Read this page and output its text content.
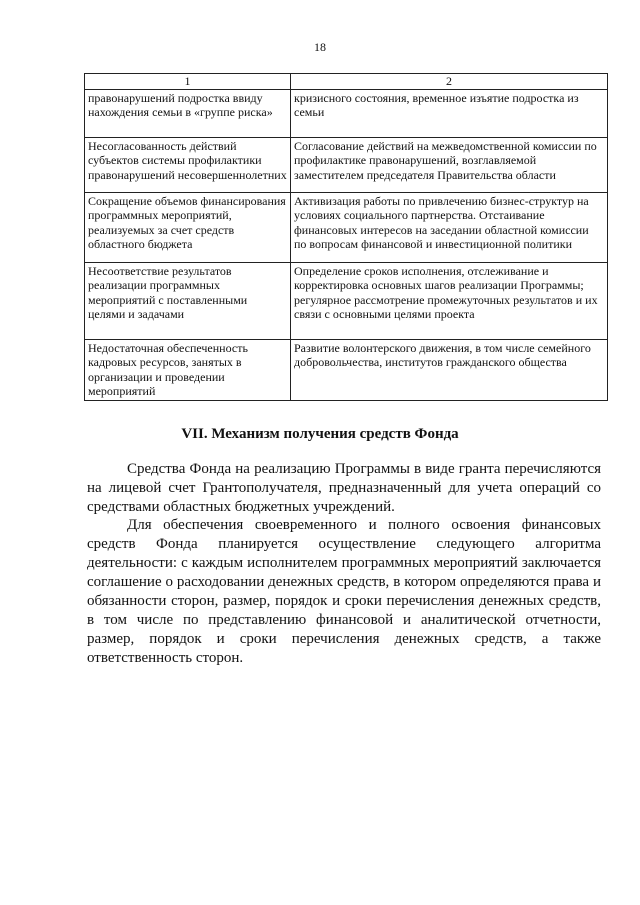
18
1	2
правонарушений подростка ввиду нахождения семьи в «группе риска»	кризисного состояния, временное изъятие подростка из семьи
Несогласованность действий субъектов системы профилактики правонарушений несовершеннолетних	Согласование действий на межведомственной комиссии по профилактике правонарушений, возглавляемой заместителем председателя Правительства области
Сокращение объемов финансирования программных мероприятий, реализуемых за счет средств областного бюджета	Активизация работы по привлечению бизнес-структур на условиях социального партнерства. Отстаивание финансовых интересов на заседании областной комиссии по вопросам финансовой и инвестиционной политики
Несоответствие результатов реализации программных мероприятий с поставленными целями и задачами	Определение сроков исполнения, отслеживание и корректировка основных шагов реализации Программы; регулярное рассмотрение промежуточных результатов и их связи с основными целями проекта
Недостаточная обеспеченность кадровых ресурсов, занятых в организации и проведении мероприятий	Развитие волонтерского движения, в том числе семейного добровольчества, институтов гражданского общества
VII. Механизм получения средств Фонда

Средства Фонда на реализацию Программы в виде гранта перечисляются на лицевой счет Грантополучателя, предназначенный для учета операций со средствами областных бюджетных учреждений.

Для обеспечения своевременного и полного освоения финансовых средств Фонда планируется осуществление следующего алгоритма деятельности: с каждым исполнителем программных мероприятий заключается соглашение о расходовании денежных средств, в котором определяются права и обязанности сторон, размер, порядок и сроки перечисления денежных средств, в том числе по представлению финансовой и аналитической отчетности, размер, порядок и сроки перечисления денежных средств, а также ответственность сторон.
